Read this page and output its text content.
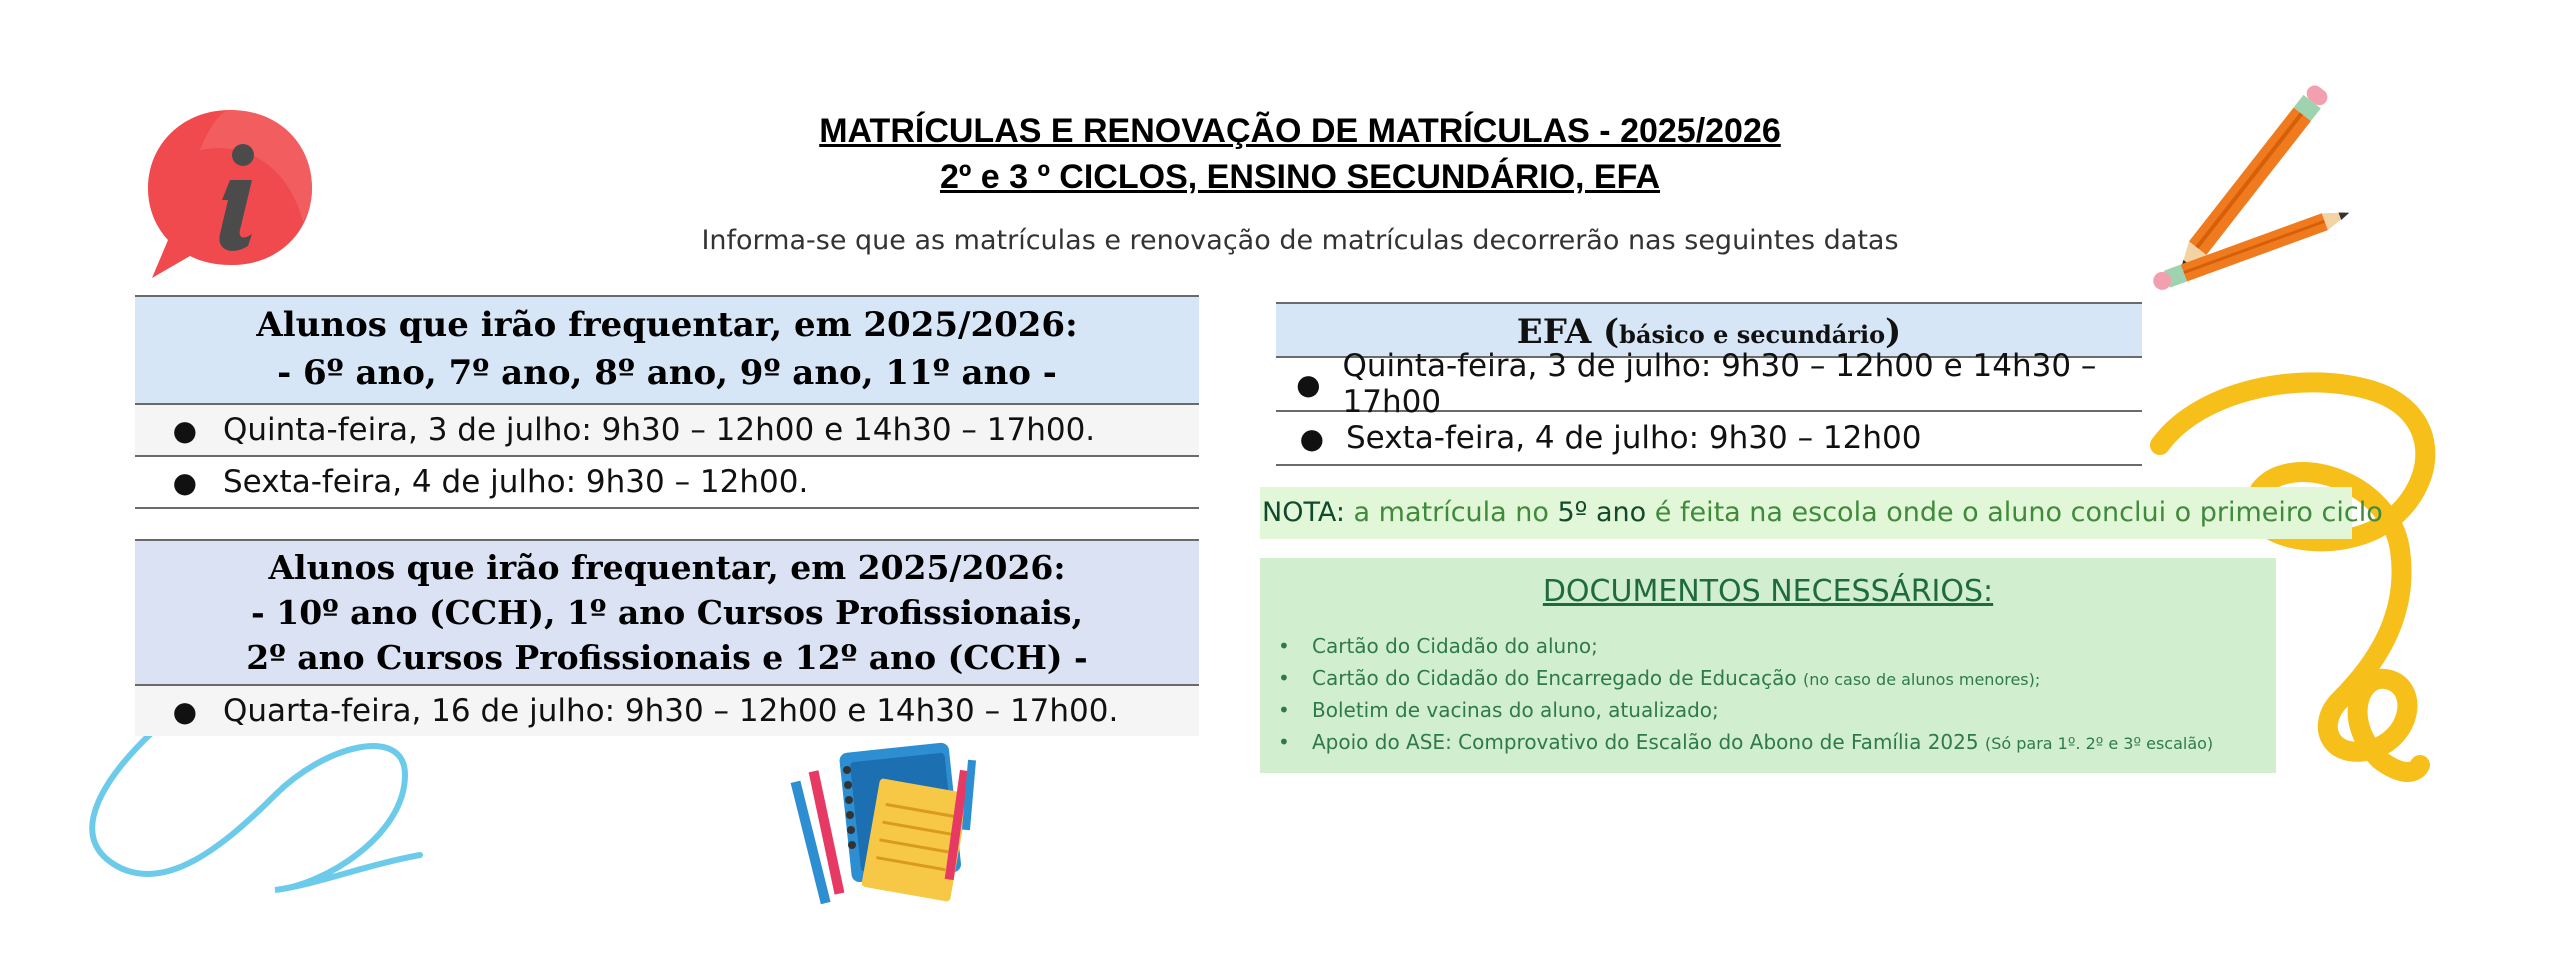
MATRÍCULAS E RENOVAÇÃO DE MATRÍCULAS - 2025/2026
2º e 3 º CICLOS, ENSINO SECUNDÁRIO, EFA
Informa-se que as matrículas e renovação de matrículas decorrerão nas seguintes datas
Alunos que irão frequentar, em 2025/2026:
- 6º ano, 7º ano, 8º ano, 9º ano, 11º ano -
● Quinta-feira, 3 de julho: 9h30 – 12h00 e 14h30 – 17h00.
● Sexta-feira, 4 de julho: 9h30 – 12h00.
Alunos que irão frequentar, em 2025/2026:
- 10º ano (CCH), 1º ano Cursos Profissionais,
2º ano Cursos Profissionais e 12º ano (CCH) -
● Quarta-feira, 16 de julho: 9h30 – 12h00 e 14h30 – 17h00.
EFA (básico e secundário)
● Quinta-feira, 3 de julho: 9h30 – 12h00 e 14h30 – 17h00
● Sexta-feira, 4 de julho: 9h30 – 12h00
NOTA: a matrícula no 5º ano é feita na escola onde o aluno conclui o primeiro ciclo
DOCUMENTOS NECESSÁRIOS:
• Cartão do Cidadão do aluno;
• Cartão do Cidadão do Encarregado de Educação (no caso de alunos menores);
• Boletim de vacinas do aluno, atualizado;
• Apoio do ASE: Comprovativo do Escalão do Abono de Família 2025 (Só para 1º. 2º e 3º escalão)
